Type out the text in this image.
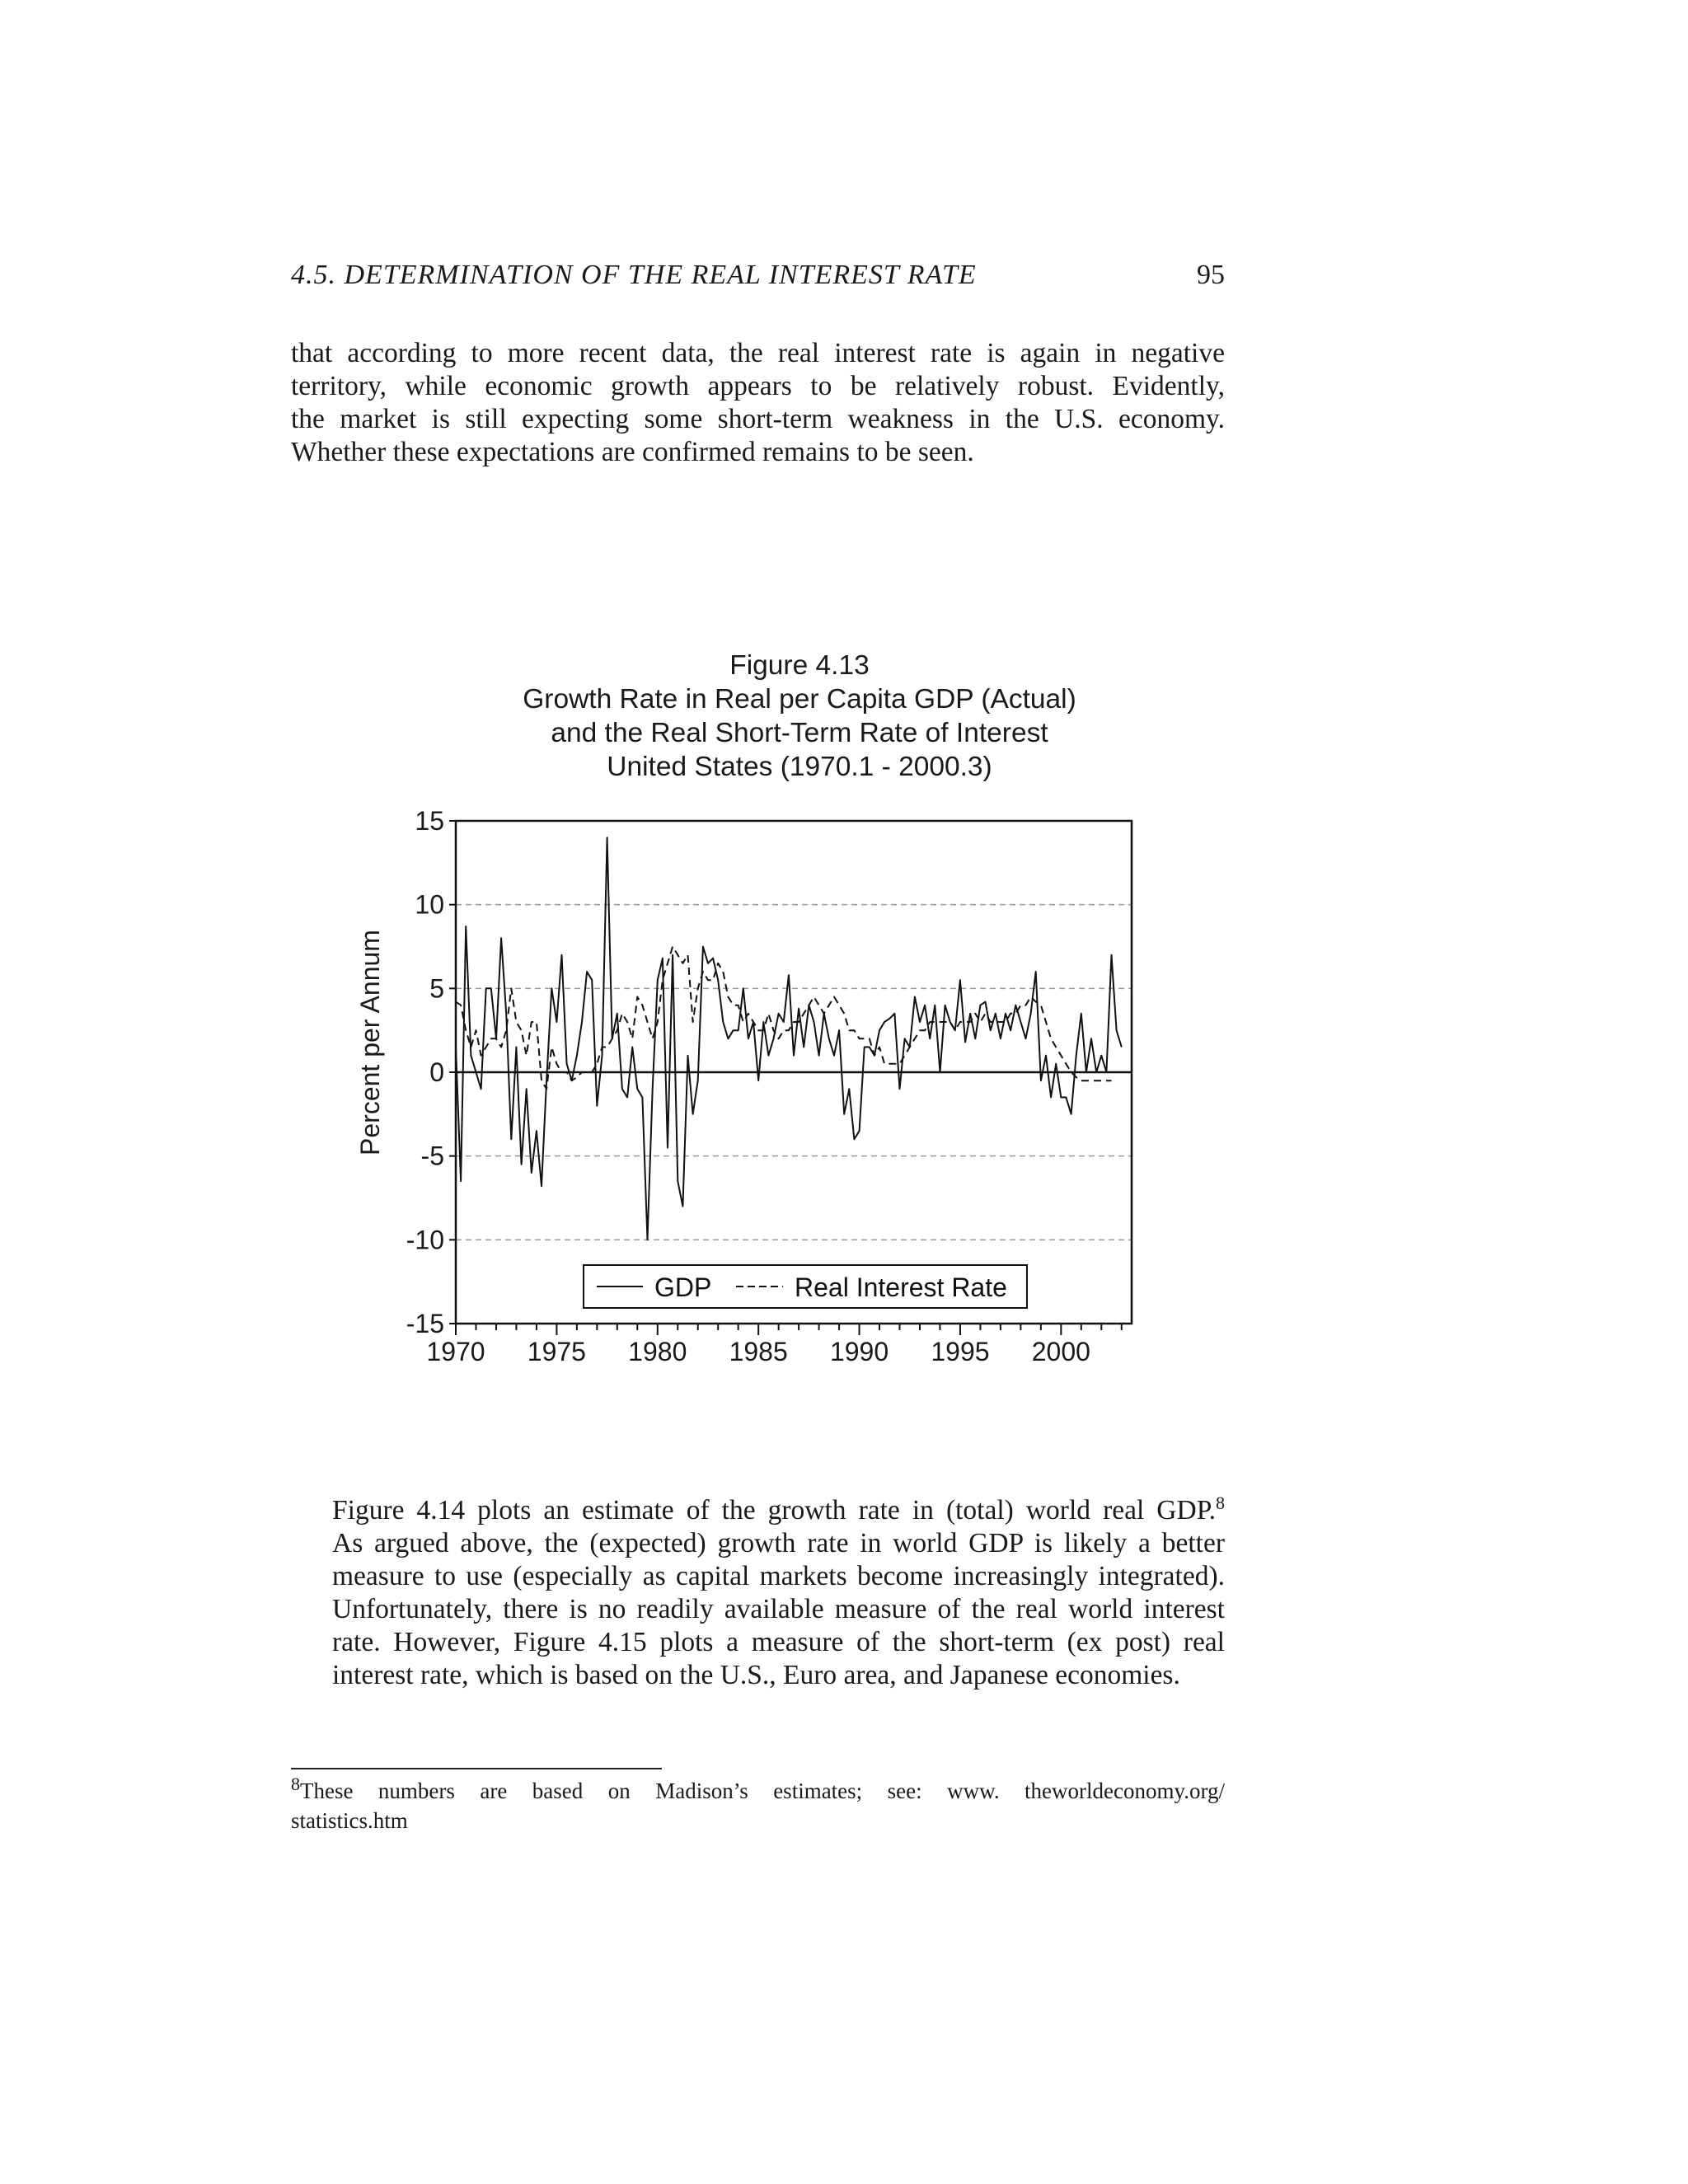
4.5. DETERMINATION OF THE REAL INTEREST RATE	95
that according to more recent data, the real interest rate is again in negative
territory, while economic growth appears to be relatively robust. Evidently,
the market is still expecting some short-term weakness in the U.S. economy.
Whether these expectations are confirmed remains to be seen.
Figure 4.13
Growth Rate in Real per Capita GDP (Actual)
and the Real Short-Term Rate of Interest
United States (1970.1 - 2000.3)
15
10
5
0
-5
-10
-15
1970 1975 1980 1985 1990 1995 2000
Percent per Annum
GDP	Real Interest Rate
Figure 4.14 plots an estimate of the growth rate in (total) world real GDP.$^8$
As argued above, the (expected) growth rate in world GDP is likely a better
measure to use (especially as capital markets become increasingly integrated).
Unfortunately, there is no readily available measure of the real world interest
rate. However, Figure 4.15 plots a measure of the short-term (ex post) real
interest rate, which is based on the U.S., Euro area, and Japanese economies.
$^8$These numbers are based on Madison’s estimates; see: www. theworldeconomy.org/
statistics.htm
